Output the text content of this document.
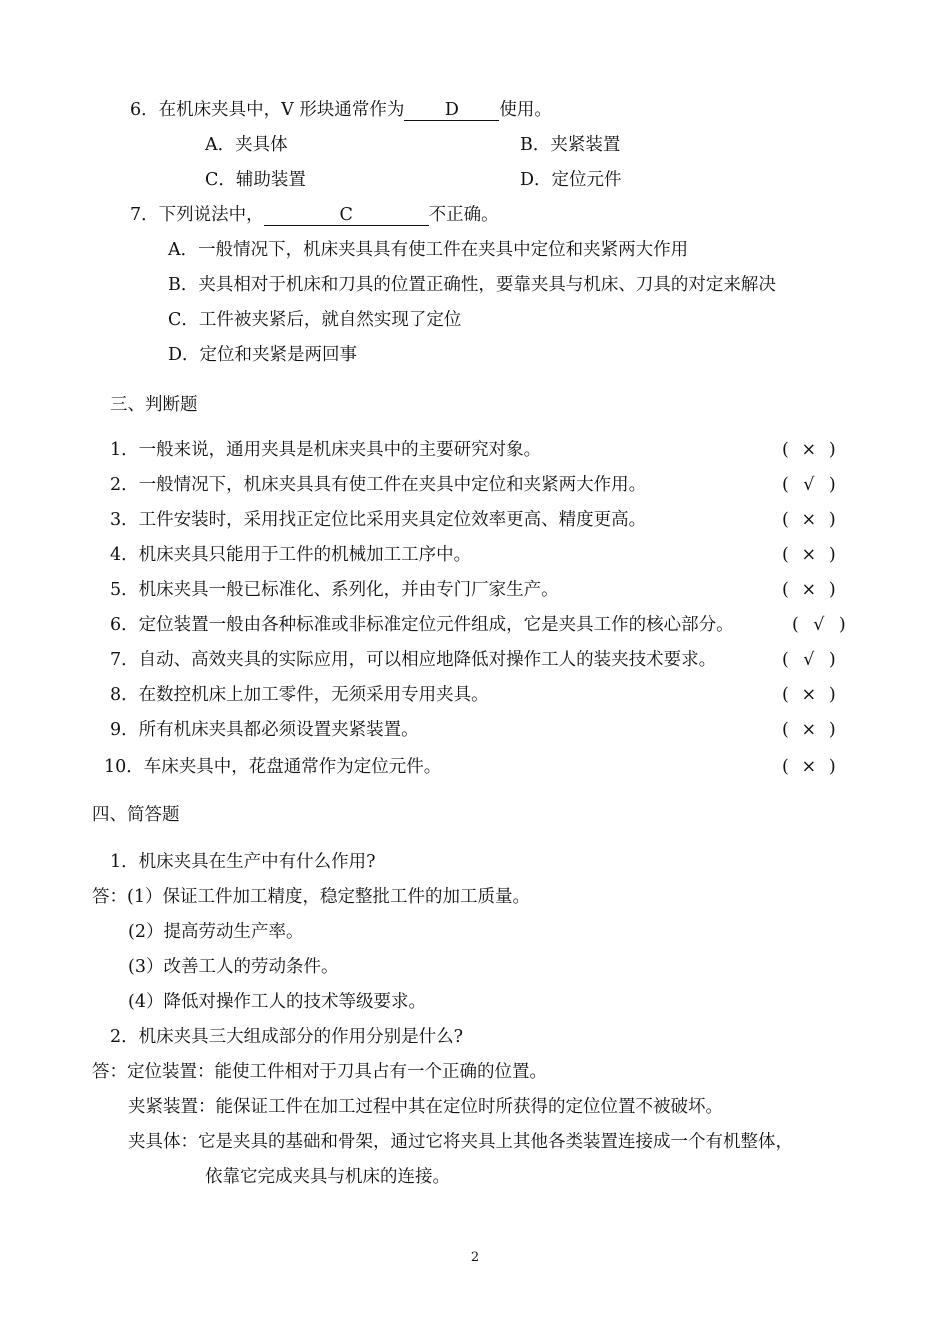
6．在机床夹具中，V 形块通常作为 D 使用。
A．夹具体	B．夹紧装置
C．辅助装置	D．定位元件
7．下列说法中，	C	不正确。
A．一般情况下，机床夹具具有使工件在夹具中定位和夹紧两大作用
B．夹具相对于机床和刀具的位置正确性，要靠夹具与机床、刀具的对定来解决
C．工件被夹紧后，就自然实现了定位
D．定位和夹紧是两回事
三、判断题
1．一般来说，通用夹具是机床夹具中的主要研究对象。	( × )
2．一般情况下，机床夹具具有使工件在夹具中定位和夹紧两大作用。	( √ )
3．工件安装时，采用找正定位比采用夹具定位效率更高、精度更高。	( × )
4．机床夹具只能用于工件的机械加工工序中。	( × )
5．机床夹具一般已标准化、系列化，并由专门厂家生产。	( × )
6．定位装置一般由各种标准或非标准定位元件组成，它是夹具工作的核心部分。	( √ )
7．自动、高效夹具的实际应用，可以相应地降低对操作工人的装夹技术要求。	( √ )
8．在数控机床上加工零件，无须采用专用夹具。	( × )
9．所有机床夹具都必须设置夹紧装置。	( × )
10．车床夹具中，花盘通常作为定位元件。	( × )
四、简答题
1．机床夹具在生产中有什么作用?
答：(1）保证工件加工精度，稳定整批工件的加工质量。
(2）提高劳动生产率。
(3）改善工人的劳动条件。
(4）降低对操作工人的技术等级要求。
2．机床夹具三大组成部分的作用分别是什么?
答：定位装置：能使工件相对于刀具占有一个正确的位置。
夹紧装置：能保证工件在加工过程中其在定位时所获得的定位位置不被破坏。
夹具体：它是夹具的基础和骨架，通过它将夹具上其他各类装置连接成一个有机整体，
依靠它完成夹具与机床的连接。
2
